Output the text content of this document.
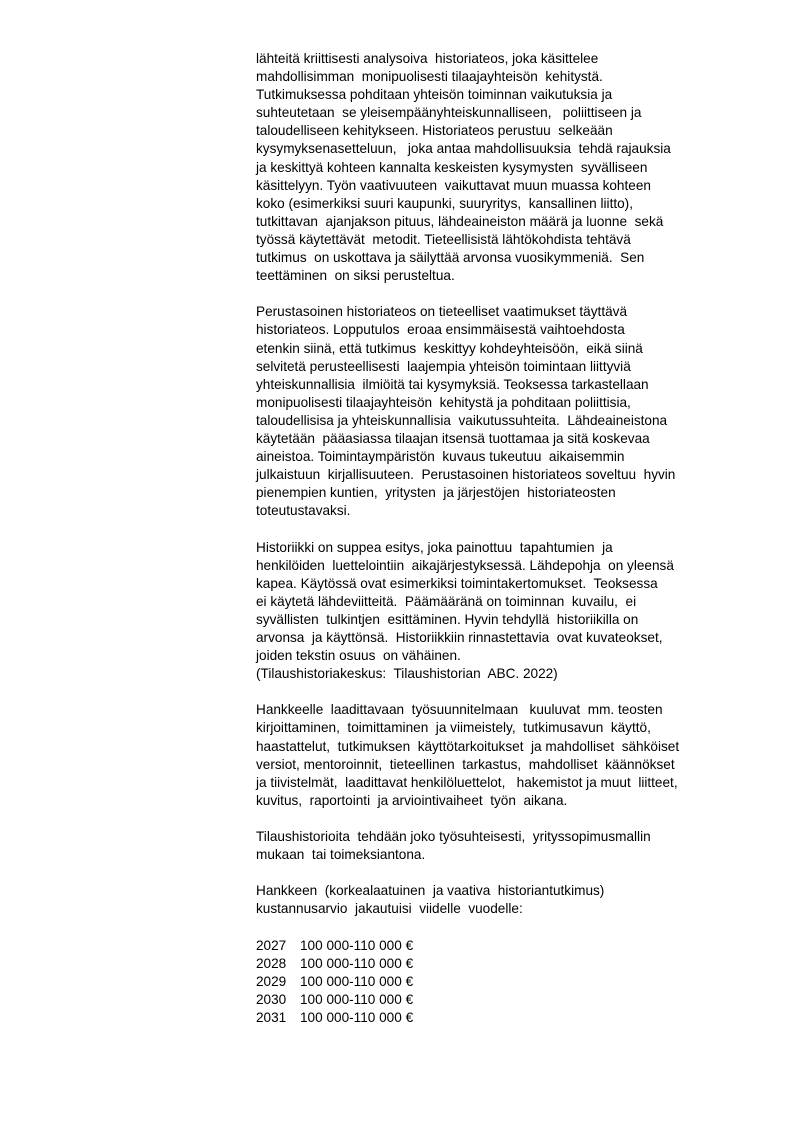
lähteitä kriittisesti analysoiva  historiateos, joka käsittelee
mahdollisimman  monipuolisesti tilaajayhteisön  kehitystä.
Tutkimuksessa pohditaan yhteisön toiminnan vaikutuksia ja
suhteutetaan  se yleisempäänyhteiskunnalliseen,   poliittiseen ja
taloudelliseen kehitykseen. Historiateos perustuu  selkeään
kysymyksenasetteluun,   joka antaa mahdollisuuksia  tehdä rajauksia
ja keskittyä kohteen kannalta keskeisten kysymysten  syvälliseen
käsittelyyn. Työn vaativuuteen  vaikuttavat muun muassa kohteen
koko (esimerkiksi suuri kaupunki, suuryritys,  kansallinen liitto),
tutkittavan  ajanjakson pituus, lähdeaineiston määrä ja luonne  sekä
työssä käytettävät  metodit. Tieteellisistä lähtökohdista tehtävä
tutkimus  on uskottava ja säilyttää arvonsa vuosikymmeniä.  Sen
teettäminen  on siksi perusteltua.
Perustasoinen historiateos on tieteelliset vaatimukset täyttävä
historiateos. Lopputulos  eroaa ensimmäisestä vaihtoehdosta
etenkin siinä, että tutkimus  keskittyy kohdeyhteisöön,  eikä siinä
selvitetä perusteellisesti  laajempia yhteisön toimintaan liittyviä
yhteiskunnallisia  ilmiöitä tai kysymyksiä. Teoksessa tarkastellaan
monipuolisesti tilaajayhteisön  kehitystä ja pohditaan poliittisia,
taloudellisisa ja yhteiskunnallisia  vaikutussuhteita.  Lähdeaineistona
käytetään  pääasiassa tilaajan itsensä tuottamaa ja sitä koskevaa
aineistoa. Toimintaympäristön  kuvaus tukeutuu  aikaisemmin
julkaistuun  kirjallisuuteen.  Perustasoinen historiateos soveltuu  hyvin
pienempien kuntien,  yritysten  ja järjestöjen  historiateosten
toteutustavaksi.
Historiikki on suppea esitys, joka painottuu  tapahtumien  ja
henkilöiden  luettelointiin  aikajärjestyksessä. Lähdepohja  on yleensä
kapea. Käytössä ovat esimerkiksi toimintakertomukset.  Teoksessa
ei käytetä lähdeviitteitä.  Päämääränä on toiminnan  kuvailu,  ei
syvällisten  tulkintjen  esittäminen. Hyvin tehdyllä  historiikilla on
arvonsa  ja käyttönsä.  Historiikkiin rinnastettavia  ovat kuvateokset,
joiden tekstin osuus  on vähäinen.
(Tilaushistoriakeskus:  Tilaushistorian  ABC. 2022)
Hankkeelle  laadittavaan  työsuunnitelmaan   kuuluvat  mm. teosten
kirjoittaminen,  toimittaminen  ja viimeistely,  tutkimusavun  käyttö,
haastattelut,  tutkimuksen  käyttötarkoitukset  ja mahdolliset  sähköiset
versiot, mentoroinnit,  tieteellinen  tarkastus,  mahdolliset  käännökset
ja tiivistelmät,  laadittavat henkilöluettelot,   hakemistot ja muut  liitteet,
kuvitus,  raportointi  ja arviointivaiheet  työn  aikana.
Tilaushistorioita  tehdään joko työsuhteisesti,  yrityssopimusmallin
mukaan  tai toimeksiantona.
Hankkeen  (korkealaatuinen  ja vaativa  historiantutkimus)
kustannusarvio  jakautuisi  viidelle  vuodelle:
2027 100 000-110 000 €
2028 100 000-110 000 €
2029 100 000-110 000 €
2030 100 000-110 000 €
2031 100 000-110 000 €
